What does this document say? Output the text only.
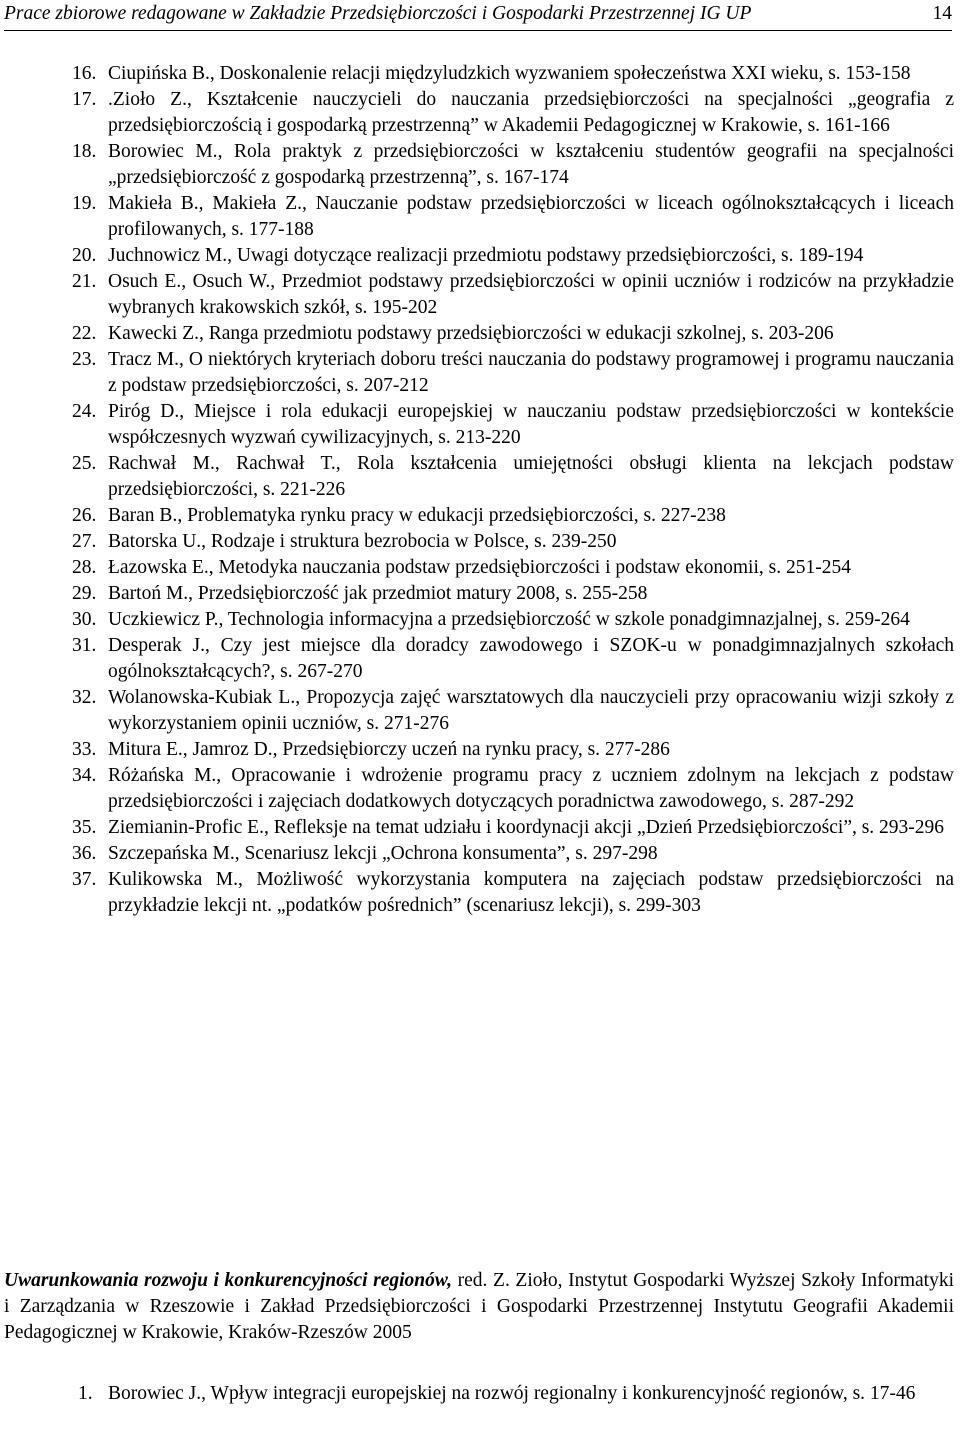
Prace zbiorowe redagowane w Zakładzie Przedsiębiorczości i Gospodarki Przestrzennej IG UP	14
16. Ciupińska B., Doskonalenie relacji międzyludzkich wyzwaniem społeczeństwa XXI wieku, s. 153-158
17. .Zioło Z., Kształcenie nauczycieli do nauczania przedsiębiorczości na specjalności „geografia z przedsiębiorczością i gospodarką przestrzenną” w Akademii Pedagogicznej w Krakowie, s. 161-166
18. Borowiec M., Rola praktyk z przedsiębiorczości w kształceniu studentów geografii na specjalności „przedsiębiorczość z gospodarką przestrzenną”, s. 167-174
19. Makieła B., Makieła Z., Nauczanie podstaw przedsiębiorczości w liceach ogólnokształcących i liceach profilowanych, s. 177-188
20. Juchnowicz M., Uwagi dotyczące realizacji przedmiotu podstawy przedsiębiorczości, s. 189-194
21. Osuch E., Osuch W., Przedmiot podstawy przedsiębiorczości w opinii uczniów i rodziców na przykładzie wybranych krakowskich szkół, s. 195-202
22. Kawecki Z., Ranga przedmiotu podstawy przedsiębiorczości w edukacji szkolnej, s. 203-206
23. Tracz M., O niektórych kryteriach doboru treści nauczania do podstawy programowej i programu nauczania z podstaw przedsiębiorczości, s. 207-212
24. Piróg D., Miejsce i rola edukacji europejskiej w nauczaniu podstaw przedsiębiorczości w kontekście współczesnych wyzwań cywilizacyjnych, s. 213-220
25. Rachwał M., Rachwał T., Rola kształcenia umiejętności obsługi klienta na lekcjach podstaw przedsiębiorczości, s. 221-226
26. Baran B., Problematyka rynku pracy w edukacji przedsiębiorczości, s. 227-238
27. Batorska U., Rodzaje i struktura bezrobocia w Polsce, s. 239-250
28. Łazowska E., Metodyka nauczania podstaw przedsiębiorczości i podstaw ekonomii, s. 251-254
29. Bartoń M., Przedsiębiorczość jak przedmiot matury 2008, s. 255-258
30. Uczkiewicz P., Technologia informacyjna a przedsiębiorczość w szkole ponadgimnazjalnej, s. 259-264
31. Desperak J., Czy jest miejsce dla doradcy zawodowego i SZOK-u w ponadgimnazjalnych szkołach ogólnokształcących?, s. 267-270
32. Wolanowska-Kubiak L., Propozycja zajęć warsztatowych dla nauczycieli przy opracowaniu wizji szkoły z wykorzystaniem opinii uczniów, s. 271-276
33. Mitura E., Jamroz D., Przedsiębiorczy uczeń na rynku pracy, s. 277-286
34. Różańska M., Opracowanie i wdrożenie programu pracy z uczniem zdolnym na lekcjach z podstaw przedsiębiorczości i zajęciach dodatkowych dotyczących poradnictwa zawodowego, s. 287-292
35. Ziemianin-Profic E., Refleksje na temat udziału i koordynacji akcji „Dzień Przedsiębiorczości”, s. 293-296
36. Szczepańska M., Scenariusz lekcji „Ochrona konsumenta”, s. 297-298
37. Kulikowska M., Możliwość wykorzystania komputera na zajęciach podstaw przedsiębiorczości na przykładzie lekcji nt. „podatków pośrednich” (scenariusz lekcji), s. 299-303
Uwarunkowania rozwoju i konkurencyjności regionów, red. Z. Zioło, Instytut Gospodarki Wyższej Szkoły Informatyki i Zarządzania w Rzeszowie i Zakład Przedsiębiorczości i Gospodarki Przestrzennej Instytutu Geografii Akademii Pedagogicznej w Krakowie, Kraków-Rzeszów 2005
1. Borowiec J., Wpływ integracji europejskiej na rozwój regionalny i konkurencyjność regionów, s. 17-46
